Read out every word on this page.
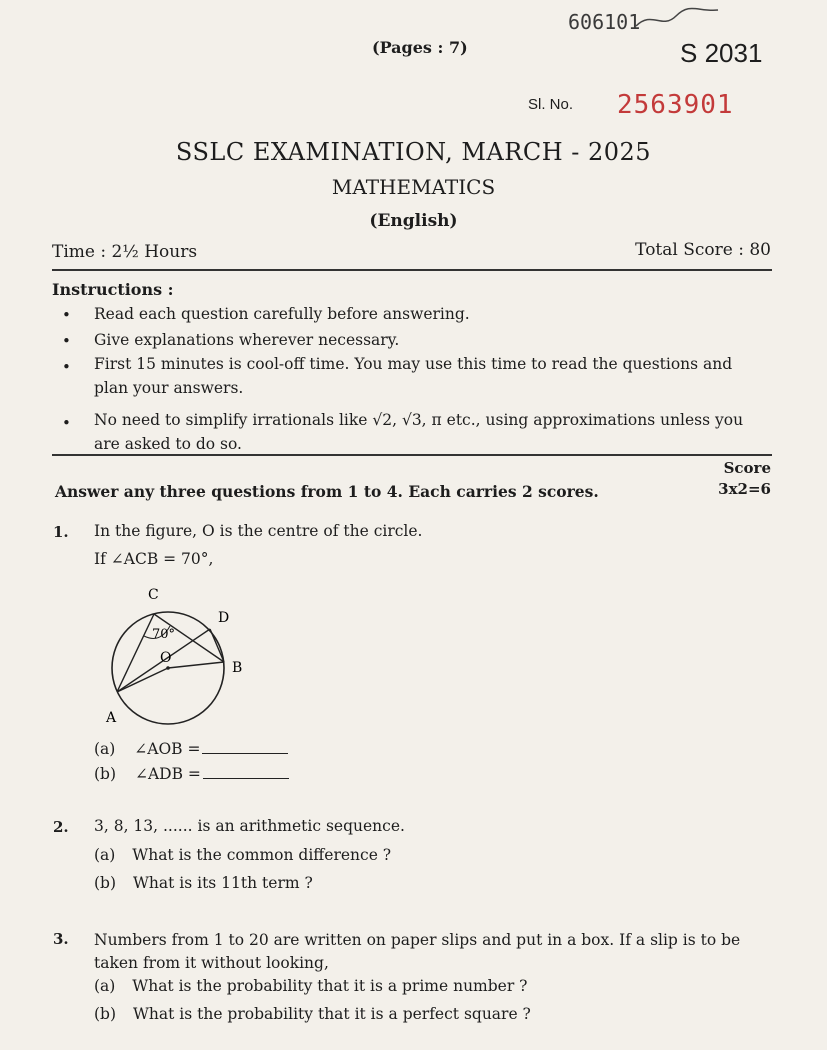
606101
(Pages : 7)	S 2031
Sl. No. 2563901
SSLC EXAMINATION, MARCH - 2025
MATHEMATICS
(English)
Time : 2½ Hours	Total Score : 80
Instructions :
• Read each question carefully before answering.
• Give explanations wherever necessary.
• First 15 minutes is cool-off time. You may use this time to read the questions and plan your answers.
• No need to simplify irrationals like √2, √3, π etc., using approximations unless you are asked to do so.
Score
3x2=6
Answer any three questions from 1 to 4. Each carries 2 scores.
1. In the figure, O is the centre of the circle.
If ∠ACB = 70°,
C
D
O
B
A
70°
(a) ∠AOB =
(b) ∠ADB =
2. 3, 8, 13, ...... is an arithmetic sequence.
(a) What is the common difference ?
(b) What is its 11th term ?
3. Numbers from 1 to 20 are written on paper slips and put in a box. If a slip is to be taken from it without looking,
(a) What is the probability that it is a prime number ?
(b) What is the probability that it is a perfect square ?
